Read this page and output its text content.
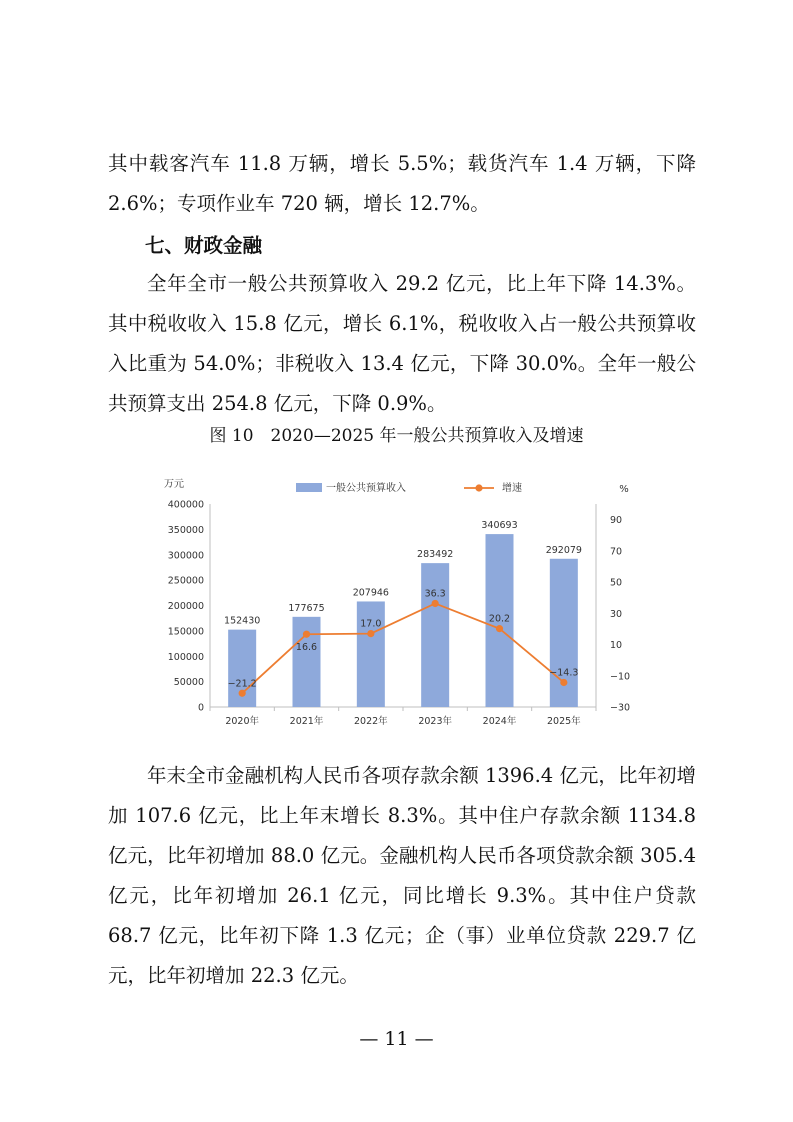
其中载客汽车 11.8 万辆，增长 5.5%；载货汽车 1.4 万辆，下降 2.6%；专项作业车 720 辆，增长 12.7%。

七、财政金融

全年全市一般公共预算收入 29.2 亿元，比上年下降 14.3%。其中税收收入 15.8 亿元，增长 6.1%，税收收入占一般公共预算收入比重为 54.0%；非税收入 13.4 亿元，下降 30.0%。全年一般公共预算支出 254.8 亿元，下降 0.9%。

图 10　2020—2025 年一般公共预算收入及增速
0
50000
100000
150000
200000
250000
300000
350000
400000
万元
−30
−10
10
30
50
70
90
%
2020年	2021年	2022年	2023年	2024年	2025年
152430
177675
207946
283492
340693
292079
−21.2
16.6
17.0
36.3
20.2
−14.3
一般公共预算收入	增速

年末全市金融机构人民币各项存款余额 1396.4 亿元，比年初增加 107.6 亿元，比上年末增长 8.3%。其中住户存款余额 1134.8 亿元，比年初增加 88.0 亿元。金融机构人民币各项贷款余额 305.4 亿元，比年初增加 26.1 亿元，同比增长 9.3%。其中住户贷款 68.7 亿元，比年初下降 1.3 亿元；企（事）业单位贷款 229.7 亿元，比年初增加 22.3 亿元。

— 11 —
